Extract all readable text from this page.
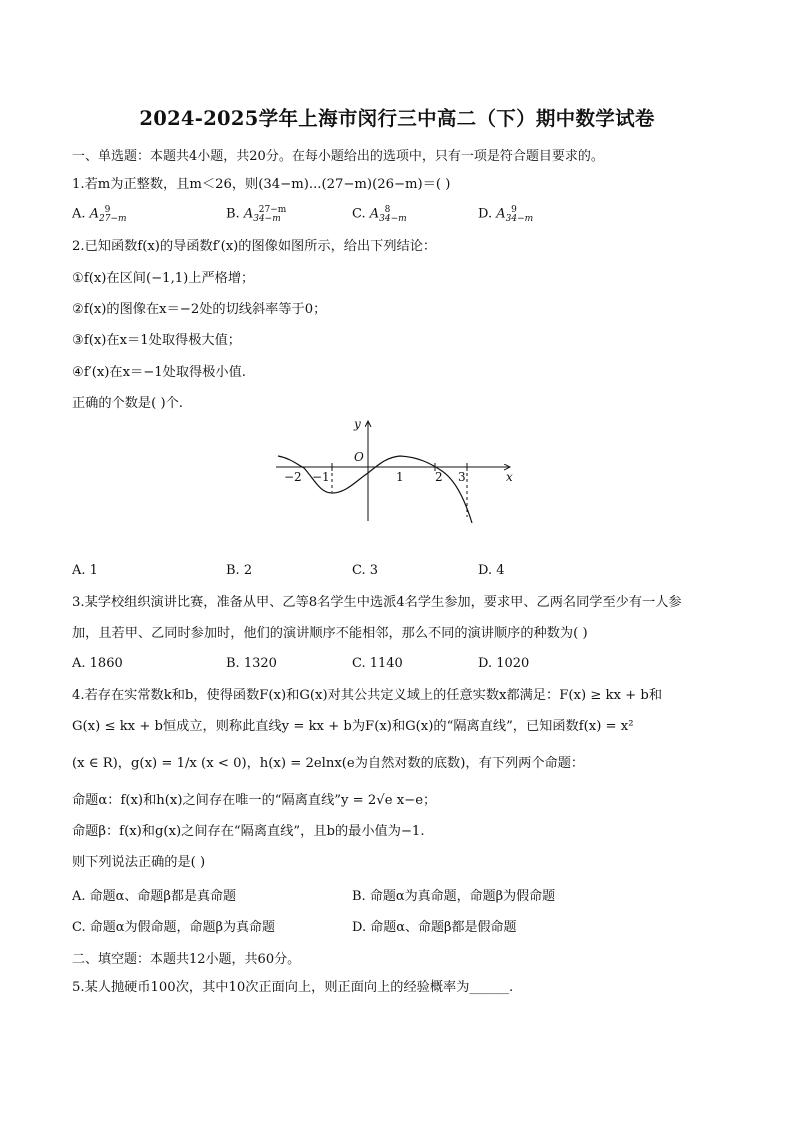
2024-2025学年上海市闵行三中高二（下）期中数学试卷
一、单选题：本题共4小题，共20分。在每小题给出的选项中，只有一项是符合题目要求的。
1.若m为正整数，且m＜26，则(34−m)...(27−m)(26−m)＝( )
A. $A_{27-m}^9$	B. $A_{34-m}^{27-m}$	C. $A_{34-m}^8$	D. $A_{34-m}^9$
2.已知函数f(x)的导函数f′(x)的图像如图所示，给出下列结论：
①f(x)在区间(−1,1)上严格增；
②f(x)的图像在x＝−2处的切线斜率等于0；
③f(x)在x＝1处取得极大值；
④f′(x)在x＝−1处取得极小值.
正确的个数是( )个.
y
x
O
−2 −1	1	2 3
A. 1	B. 2	C. 3	D. 4
3.某学校组织演讲比赛，准备从甲、乙等8名学生中选派4名学生参加，要求甲、乙两名同学至少有一人参
加，且若甲、乙同时参加时，他们的演讲顺序不能相邻，那么不同的演讲顺序的种数为( )
A. 1860	B. 1320	C. 1140	D. 1020
4.若存在实常数k和b，使得函数F(x)和G(x)对其公共定义域上的任意实数x都满足：F(x) ≥ kx + b和
G(x) ≤ kx + b恒成立，则称此直线y = kx + b为F(x)和G(x)的“隔离直线”，已知函数f(x) = x²
(x ∈ R)，g(x) = 1/x (x < 0)，h(x) = 2elnx(e为自然对数的底数)，有下列两个命题：
命题α：f(x)和h(x)之间存在唯一的“隔离直线”y = 2√e x−e；
命题β：f(x)和g(x)之间存在“隔离直线”，且b的最小值为−1.
则下列说法正确的是( )
A. 命题α、命题β都是真命题	B. 命题α为真命题，命题β为假命题
C. 命题α为假命题，命题β为真命题	D. 命题α、命题β都是假命题
二、填空题：本题共12小题，共60分。
5.某人抛硬币100次，其中10次正面向上，则正面向上的经验概率为______.
